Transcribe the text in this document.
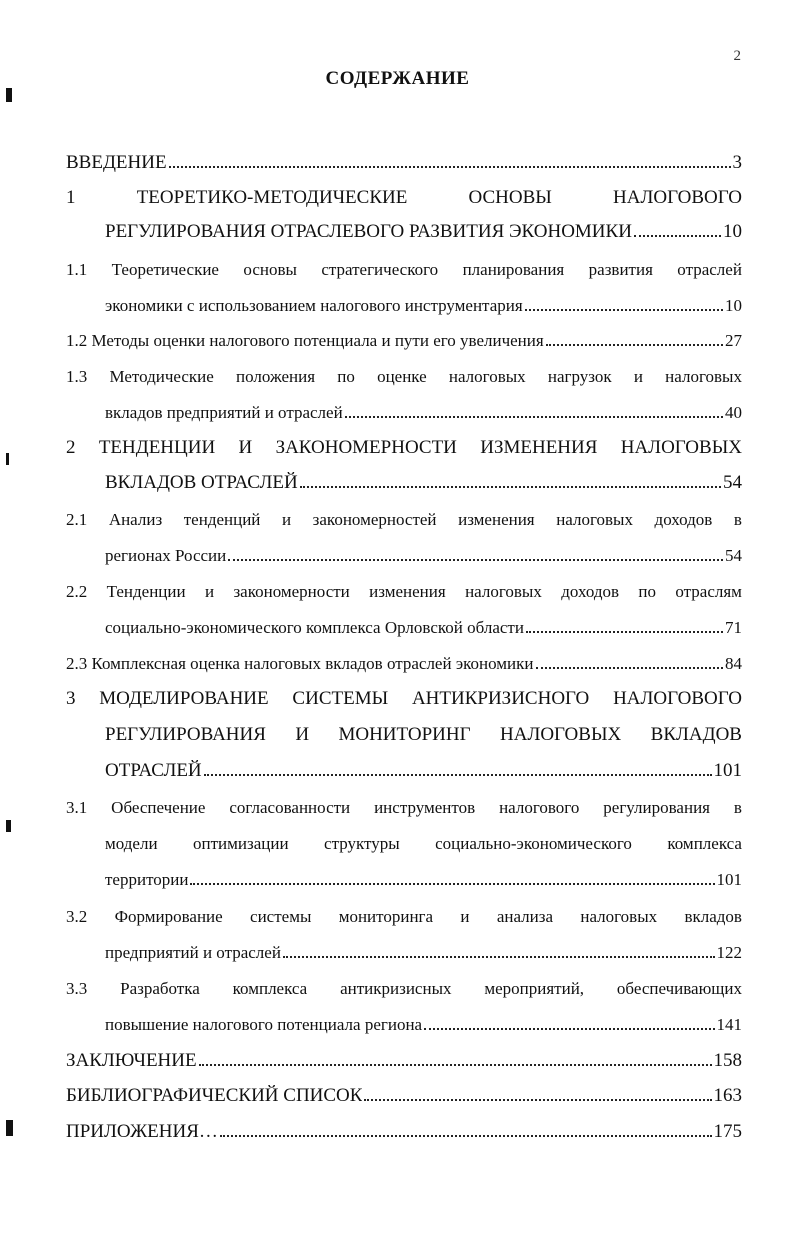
2
СОДЕРЖАНИЕ
ВВЕДЕНИЕ	3
1	ТЕОРЕТИКО-МЕТОДИЧЕСКИЕ	ОСНОВЫ	НАЛОГОВОГО
РЕГУЛИРОВАНИЯ ОТРАСЛЕВОГО РАЗВИТИЯ ЭКОНОМИКИ	10
1.1 Теоретические основы стратегического планирования развития отраслей
экономики с использованием налогового инструментария	10
1.2 Методы оценки налогового потенциала и пути его увеличения	27
1.3 Методические положения по оценке налоговых нагрузок и налоговых
вкладов предприятий и отраслей	40
2 ТЕНДЕНЦИИ И ЗАКОНОМЕРНОСТИ ИЗМЕНЕНИЯ НАЛОГОВЫХ
ВКЛАДОВ ОТРАСЛЕЙ	54
2.1 Анализ тенденций и закономерностей изменения налоговых доходов в
регионах России	54
2.2 Тенденции и закономерности изменения налоговых доходов по отраслям
социально-экономического комплекса Орловской области	71
2.3 Комплексная оценка налоговых вкладов отраслей экономики	84
3 МОДЕЛИРОВАНИЕ СИСТЕМЫ АНТИКРИЗИСНОГО НАЛОГОВОГО
РЕГУЛИРОВАНИЯ И МОНИТОРИНГ НАЛОГОВЫХ ВКЛАДОВ
ОТРАСЛЕЙ	101
3.1 Обеспечение согласованности инструментов налогового регулирования в
модели оптимизации структуры социально-экономического комплекса
территории	101
3.2 Формирование системы мониторинга и анализа налоговых вкладов
предприятий и отраслей	122
3.3 Разработка комплекса антикризисных мероприятий, обеспечивающих
повышение налогового потенциала региона	141
ЗАКЛЮЧЕНИЕ	158
БИБЛИОГРАФИЧЕСКИЙ СПИСОК	163
ПРИЛОЖЕНИЯ…	175
